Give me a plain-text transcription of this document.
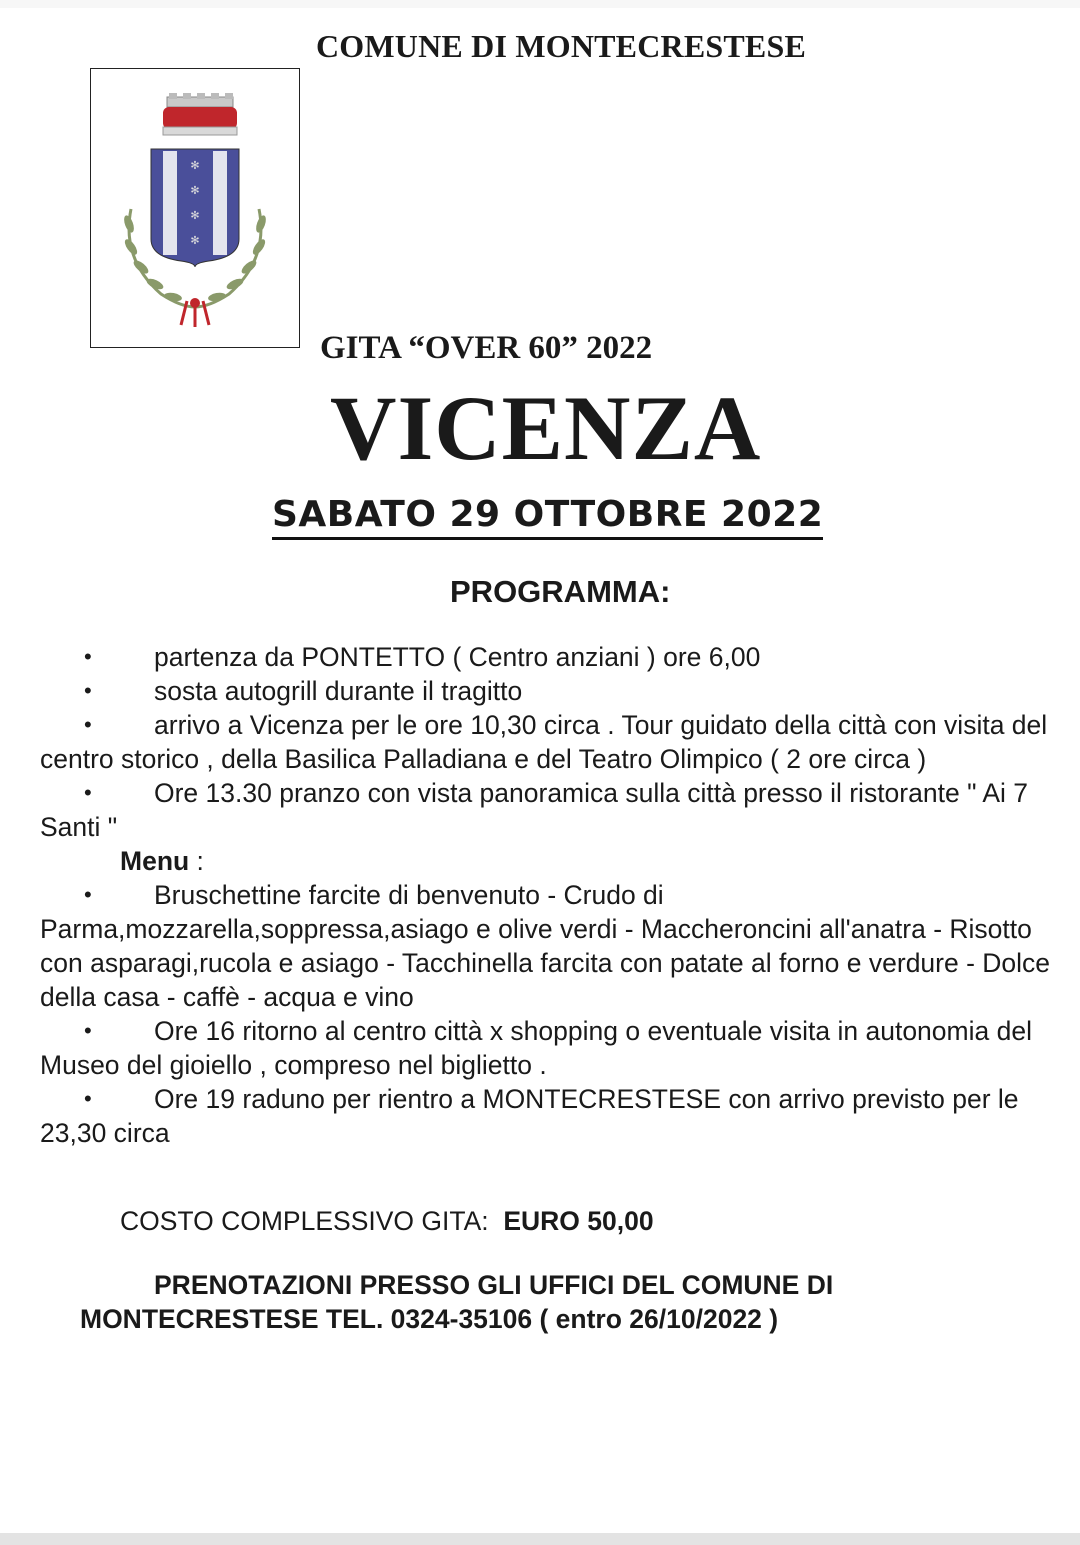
COMUNE DI MONTECRESTESE
✻
✻
✻
✻
GITA “OVER 60” 2022
VICENZA
SABATO 29 OTTOBRE 2022
PROGRAMMA:

• partenza da PONTETTO ( Centro anziani ) ore 6,00

• sosta autogrill durante il tragitto

• arrivo a Vicenza per le ore 10,30 circa . Tour guidato della città con visita del centro storico , della Basilica Palladiana e del Teatro Olimpico ( 2 ore circa )

• Ore 13.30 pranzo con vista panoramica sulla città presso il ristorante " Ai 7 Santi "

Menu :

• Bruschettine farcite di benvenuto - Crudo di Parma,mozzarella,soppressa,asiago e olive verdi - Maccheroncini all'anatra - Risotto con asparagi,rucola e asiago - Tacchinella farcita con patate al forno e verdure - Dolce della casa - caffè - acqua e vino

• Ore 16 ritorno al centro città x shopping o eventuale visita in autonomia del Museo del gioiello , compreso nel biglietto .

• Ore 19 raduno per rientro a MONTECRESTESE con arrivo previsto per le 23,30 circa

COSTO COMPLESSIVO GITA:  EURO 50,00
PRENOTAZIONI PRESSO GLI UFFICI DEL COMUNE DI
MONTECRESTESE TEL. 0324-35106 ( entro 26/10/2022 )
